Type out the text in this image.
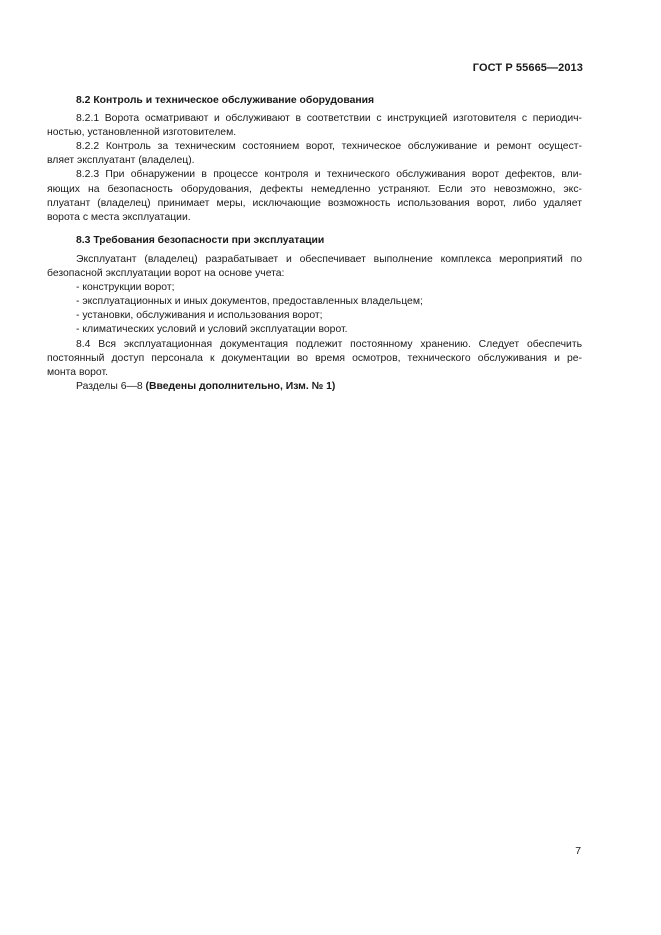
ГОСТ Р 55665—2013
8.2 Контроль и техническое обслуживание оборудования
8.2.1 Ворота осматривают и обслуживают в соответствии с инструкцией изготовителя с периодич-
ностью, установленной изготовителем.
8.2.2 Контроль за техническим состоянием ворот, техническое обслуживание и ремонт осущест-
вляет эксплуатант (владелец).
8.2.3 При обнаружении в процессе контроля и технического обслуживания ворот дефектов, вли-
яющих на безопасность оборудования, дефекты немедленно устраняют. Если это невозможно, экс-
плуатант (владелец) принимает меры, исключающие возможность использования ворот, либо удаляет
ворота с места эксплуатации.
8.3 Требования безопасности при эксплуатации
Эксплуатант (владелец) разрабатывает и обеспечивает выполнение комплекса мероприятий по
безопасной эксплуатации ворот на основе учета:
- конструкции ворот;
- эксплуатационных и иных документов, предоставленных владельцем;
- установки, обслуживания и использования ворот;
- климатических условий и условий эксплуатации ворот.
8.4 Вся эксплуатационная документация подлежит постоянному хранению. Следует обеспечить
постоянный доступ персонала к документации во время осмотров, технического обслуживания и ре-
монта ворот.
Разделы 6—8 (Введены дополнительно, Изм. № 1)
7
